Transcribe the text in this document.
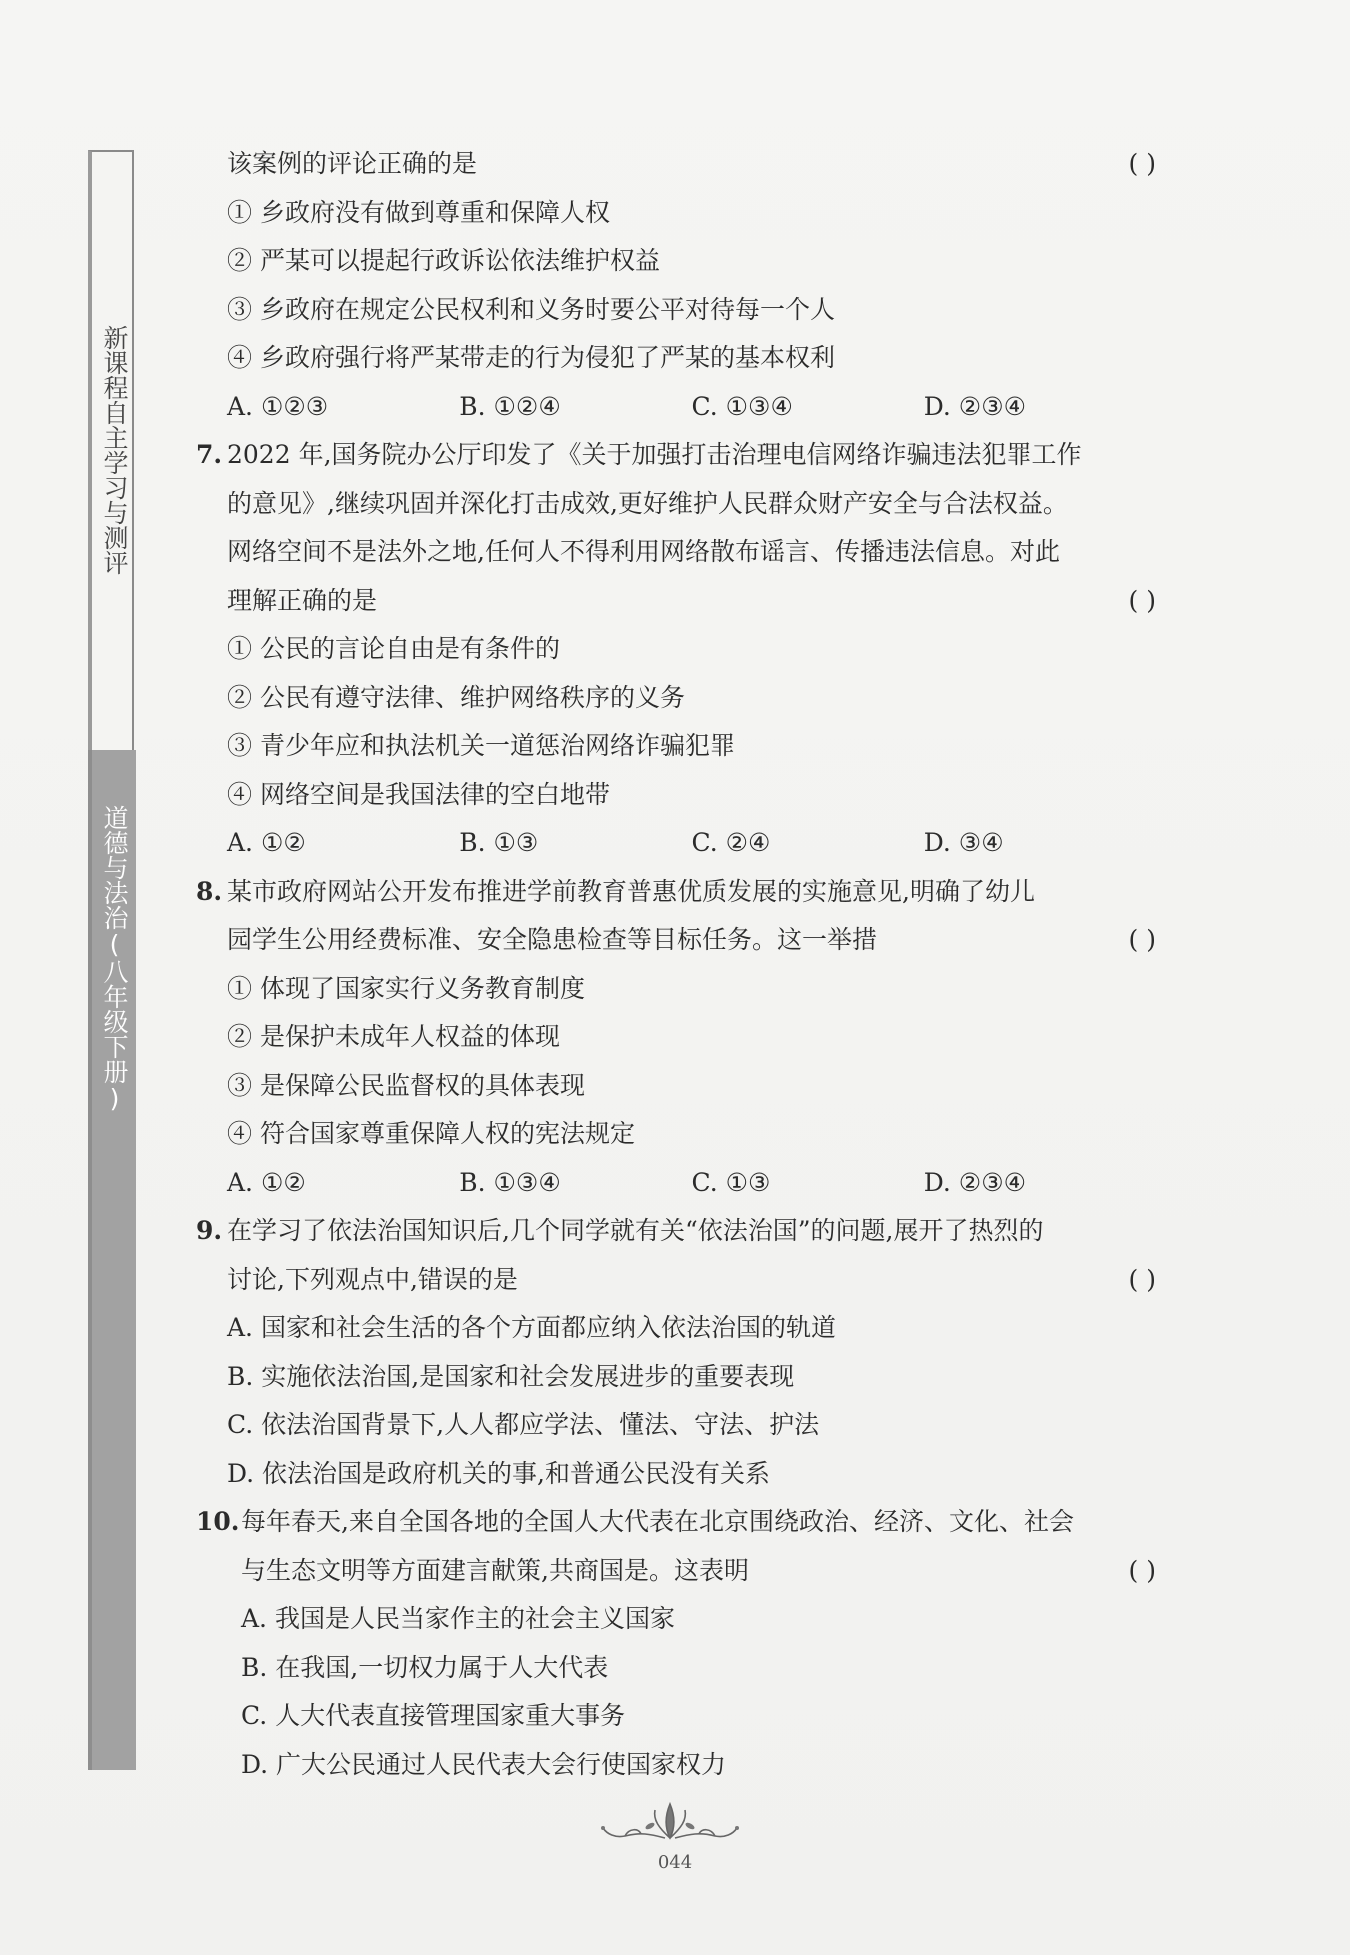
新课程自主学习与测评
道德与法治(八年级下册)
该案例的评论正确的是	( )
① 乡政府没有做到尊重和保障人权
② 严某可以提起行政诉讼依法维护权益
③ 乡政府在规定公民权利和义务时要公平对待每一个人
④ 乡政府强行将严某带走的行为侵犯了严某的基本权利
A. ①②③	B. ①②④	C. ①③④	D. ②③④
7. 2022 年,国务院办公厅印发了《关于加强打击治理电信网络诈骗违法犯罪工作
的意见》,继续巩固并深化打击成效,更好维护人民群众财产安全与合法权益。
网络空间不是法外之地,任何人不得利用网络散布谣言、传播违法信息。对此
理解正确的是	( )
① 公民的言论自由是有条件的
② 公民有遵守法律、维护网络秩序的义务
③ 青少年应和执法机关一道惩治网络诈骗犯罪
④ 网络空间是我国法律的空白地带
A. ①②	B. ①③	C. ②④	D. ③④
8. 某市政府网站公开发布推进学前教育普惠优质发展的实施意见,明确了幼儿
园学生公用经费标准、安全隐患检查等目标任务。这一举措	( )
① 体现了国家实行义务教育制度
② 是保护未成年人权益的体现
③ 是保障公民监督权的具体表现
④ 符合国家尊重保障人权的宪法规定
A. ①②	B. ①③④	C. ①③	D. ②③④
9. 在学习了依法治国知识后,几个同学就有关“依法治国”的问题,展开了热烈的
讨论,下列观点中,错误的是	( )
A. 国家和社会生活的各个方面都应纳入依法治国的轨道
B. 实施依法治国,是国家和社会发展进步的重要表现
C. 依法治国背景下,人人都应学法、懂法、守法、护法
D. 依法治国是政府机关的事,和普通公民没有关系
10. 每年春天,来自全国各地的全国人大代表在北京围绕政治、经济、文化、社会
与生态文明等方面建言献策,共商国是。这表明	( )
A. 我国是人民当家作主的社会主义国家
B. 在我国,一切权力属于人大代表
C. 人大代表直接管理国家重大事务
D. 广大公民通过人民代表大会行使国家权力
044
